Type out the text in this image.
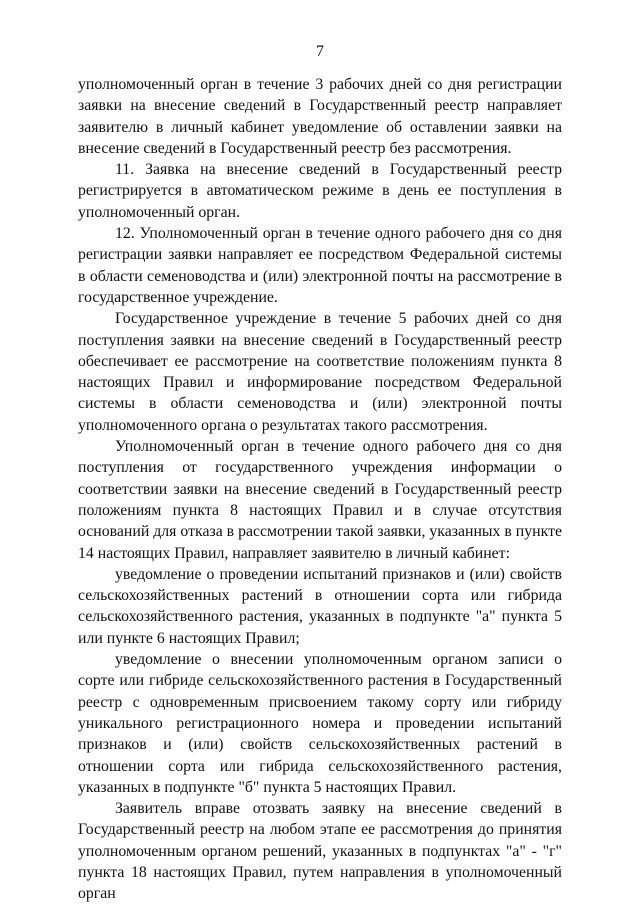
7

уполномоченный орган в течение 3 рабочих дней со дня регистрации заявки на внесение сведений в Государственный реестр направляет заявителю в личный кабинет уведомление об оставлении заявки на внесение сведений в Государственный реестр без рассмотрения.

11. Заявка на внесение сведений в Государственный реестр регистрируется в автоматическом режиме в день ее поступления в уполномоченный орган.

12. Уполномоченный орган в течение одного рабочего дня со дня регистрации заявки направляет ее посредством Федеральной системы в области семеноводства и (или) электронной почты на рассмотрение в государственное учреждение.

Государственное учреждение в течение 5 рабочих дней со дня поступления заявки на внесение сведений в Государственный реестр обеспечивает ее рассмотрение на соответствие положениям пункта 8 настоящих Правил и информирование посредством Федеральной системы в области семеноводства и (или) электронной почты уполномоченного органа о результатах такого рассмотрения.

Уполномоченный орган в течение одного рабочего дня со дня поступления от государственного учреждения информации о соответствии заявки на внесение сведений в Государственный реестр положениям пункта 8 настоящих Правил и в случае отсутствия оснований для отказа в рассмотрении такой заявки, указанных в пункте 14 настоящих Правил, направляет заявителю в личный кабинет:

уведомление о проведении испытаний признаков и (или) свойств сельскохозяйственных растений в отношении сорта или гибрида сельскохозяйственного растения, указанных в подпункте "а" пункта 5 или пункте 6 настоящих Правил;

уведомление о внесении уполномоченным органом записи о сорте или гибриде сельскохозяйственного растения в Государственный реестр с одновременным присвоением такому сорту или гибриду уникального регистрационного номера и проведении испытаний признаков и (или) свойств сельскохозяйственных растений в отношении сорта или гибрида сельскохозяйственного растения, указанных в подпункте "б" пункта 5 настоящих Правил.

Заявитель вправе отозвать заявку на внесение сведений в Государственный реестр на любом этапе ее рассмотрения до принятия уполномоченным органом решений, указанных в подпунктах "а" - "г" пункта 18 настоящих Правил, путем направления в уполномоченный орган
